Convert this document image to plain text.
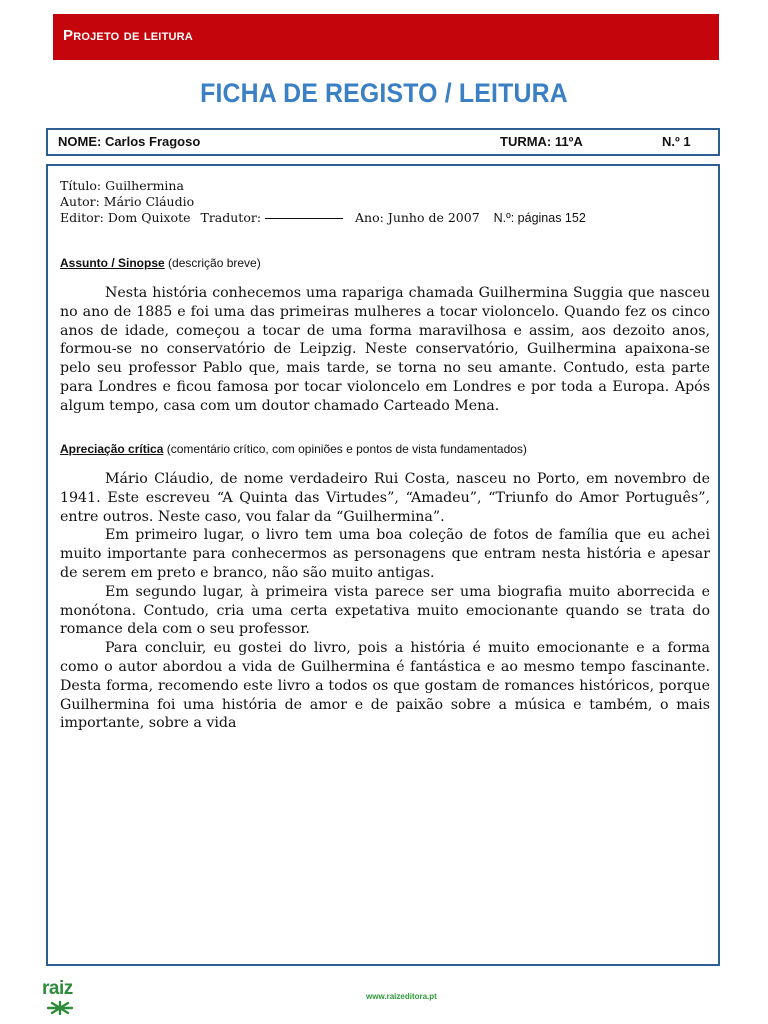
Projeto de leitura
FICHA DE REGISTO / LEITURA
NOME: Carlos Fragoso	TURMA: 11ºA	N.º 1
Título: Guilhermina
Autor: Mário Cláudio
Editor: Dom Quixote Tradutor:	Ano: Junho de 2007 N.º: páginas 152
Assunto / Sinopse (descrição breve)

Nesta história conhecemos uma rapariga chamada Guilhermina Suggia que nasceu no ano de 1885 e foi uma das primeiras mulheres a tocar violoncelo. Quando fez os cinco anos de idade, começou a tocar de uma forma maravilhosa e assim, aos dezoito anos, formou-se no conservatório de Leipzig. Neste conservatório, Guilhermina apaixona-se pelo seu professor Pablo que, mais tarde, se torna no seu amante. Contudo, esta parte para Londres e ficou famosa por tocar violoncelo em Londres e por toda a Europa. Após algum tempo, casa com um doutor chamado Carteado Mena.

Apreciação crítica (comentário crítico, com opiniões e pontos de vista fundamentados)

Mário Cláudio, de nome verdadeiro Rui Costa, nasceu no Porto, em novembro de 1941. Este escreveu “A Quinta das Virtudes”, “Amadeu”, “Triunfo do Amor Português”, entre outros. Neste caso, vou falar da “Guilhermina”.

Em primeiro lugar, o livro tem uma boa coleção de fotos de família que eu achei muito importante para conhecermos as personagens que entram nesta história e apesar de serem em preto e branco, não são muito antigas.

Em segundo lugar, à primeira vista parece ser uma biografia muito aborrecida e monótona. Contudo, cria uma certa expetativa muito emocionante quando se trata do romance dela com o seu professor.

Para concluir, eu gostei do livro, pois a história é muito emocionante e a forma como o autor abordou a vida de Guilhermina é fantástica e ao mesmo tempo fascinante. Desta forma, recomendo este livro a todos os que gostam de romances históricos, porque Guilhermina foi uma história de amor e de paixão sobre a música e também, o mais importante, sobre a vida

raiz	www.raizeditora.pt
